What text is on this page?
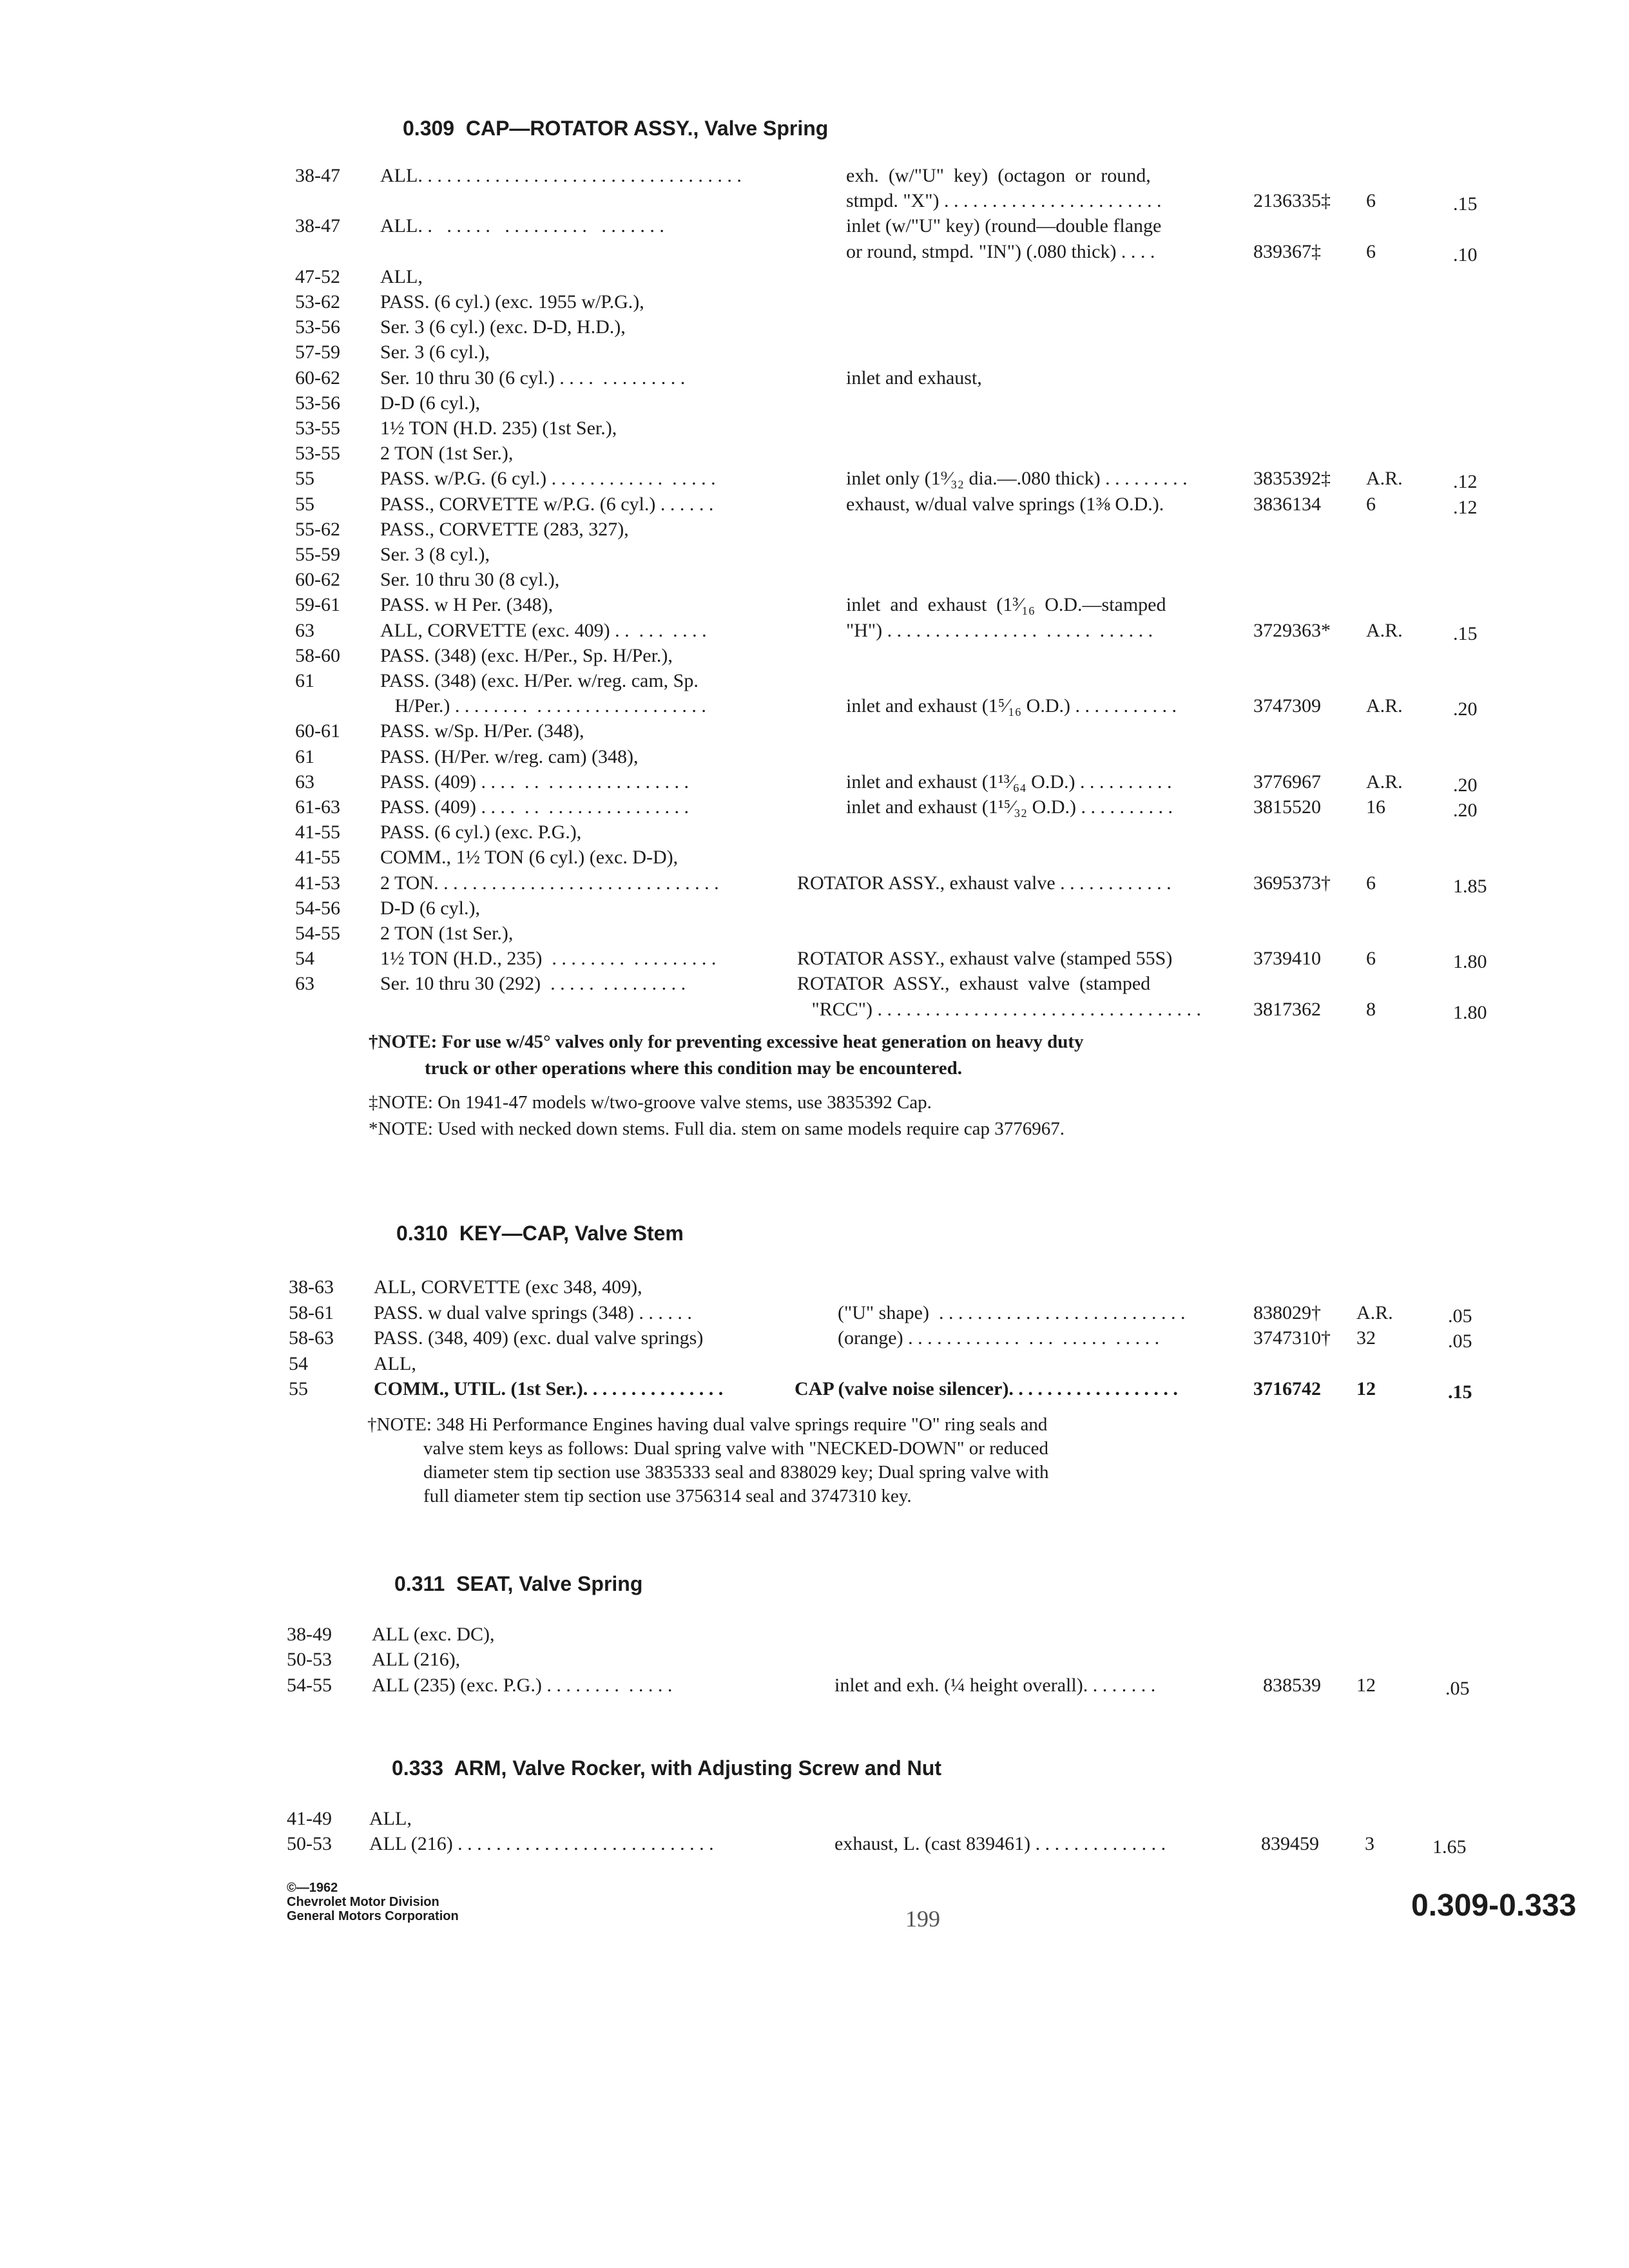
0.309  CAP—ROTATOR ASSY., Valve Spring
38-47 ALL. . . . . . . . . . . . . . . . . . . . . . . . . . . . . . . . . .	exh.  (w/"U"  key)  (octagon  or  round,
stmpd. "X") . . . . . . . . . . . . . . . . . . . . . . .	2136335‡ 6	.15
38-47 ALL. .   . . . . .   . . . . . . . . .   . . . . . . .	inlet (w/"U" key) (round—double flange
or round, stmpd. "IN") (.080 thick) . . . .	839367‡ 6	.10
47-52 ALL,
53-62 PASS. (6 cyl.) (exc. 1955 w/P.G.),
53-56 Ser. 3 (6 cyl.) (exc. D-D, H.D.),
57-59 Ser. 3 (6 cyl.),
60-62 Ser. 10 thru 30 (6 cyl.) . . . .  . . . . . . . . .	inlet and exhaust,
53-56 D-D (6 cyl.),
53-55 1½ TON (H.D. 235) (1st Ser.),
53-55 2 TON (1st Ser.),
55	PASS. w/P.G. (6 cyl.) . . . . . . . . . . . .  . . . . .	inlet only (1⁹⁄₃₂ dia.—.080 thick) . . . . . . . . .	3835392‡ A.R.	.12
55	PASS., CORVETTE w/P.G. (6 cyl.) . . . . . .	exhaust, w/dual valve springs (1⅜ O.D.).	3836134 6	.12
55-62 PASS., CORVETTE (283, 327),
55-59 Ser. 3 (8 cyl.),
60-62 Ser. 10 thru 30 (8 cyl.),
59-61 PASS. w H Per. (348),	inlet  and  exhaust  (1³⁄₁₆  O.D.—stamped
63	ALL, CORVETTE (exc. 409) . .  . . .  . . . .	"H") . . . . . . . . . . . . . . . .  . . . . .  . . . . . .	3729363* A.R.	.15
58-60 PASS. (348) (exc. H/Per., Sp. H/Per.),
61	PASS. (348) (exc. H/Per. w/reg. cam, Sp.
H/Per.) . . . . . . . .  . . . . . . . . . . . . . . . . . .	inlet and exhaust (1⁵⁄₁₆ O.D.) . . . . . . . . . . .	3747309 A.R.	.20
60-61 PASS. w/Sp. H/Per. (348),
61	PASS. (H/Per. w/reg. cam) (348),
63	PASS. (409) . . . .  . .  . . . . . . . . . . . . . . .	inlet and exhaust (1¹³⁄₆₄ O.D.) . . . . . . . . . .	3776967 A.R.	.20
61-63 PASS. (409) . . . .  . .  . . . . . . . . . . . . . . .	inlet and exhaust (1¹⁵⁄₃₂ O.D.) . . . . . . . . . .	3815520 16	.20
41-55 PASS. (6 cyl.) (exc. P.G.),
41-55 COMM., 1½ TON (6 cyl.) (exc. D-D),
41-53 2 TON. . . . . . . . . . . . . . . . . . . . . . . . . . . . . .	ROTATOR ASSY., exhaust valve . . . . . . . . . . . .	3695373† 6	1.85
54-56 D-D (6 cyl.),
54-55 2 TON (1st Ser.),
54	1½ TON (H.D., 235)  . . . . . . . .  . . . . . . . . .	ROTATOR ASSY., exhaust valve (stamped 55S)	3739410 6	1.80
63	Ser. 10 thru 30 (292)  . . . . .  . . . . . . . . .	ROTATOR  ASSY.,  exhaust  valve  (stamped
"RCC") . . . . . . . . . . . . . . . . . . . . . . . . . . . . . . . . . .	3817362 8	1.80
†NOTE: For use w/45° valves only for preventing excessive heat generation on heavy duty
truck or other operations where this condition may be encountered.
‡NOTE: On 1941-47 models w/two-groove valve stems, use 3835392 Cap.
*NOTE: Used with necked down stems. Full dia. stem on same models require cap 3776967.
0.310  KEY—CAP, Valve Stem
38-63 ALL, CORVETTE (exc 348, 409),
58-61 PASS. w dual valve springs (348) . . . . . .	("U" shape)  . . . . . . . . . . . . . . . . . . . . . . . . . .	838029† A.R.	.05
58-63 PASS. (348, 409) (exc. dual valve springs)	(orange) . . . . . . . . . . . .  . . .  . . . . .  . . . . .	3747310† 32	.05
54	ALL,
55	COMM., UTIL. (1st Ser.). . . . . . . . . . . . . . .	CAP (valve noise silencer). . . . . . . . . . . . . . . . . .	3716742 12	.15
†NOTE: 348 Hi Performance Engines having dual valve springs require "O" ring seals and
valve stem keys as follows: Dual spring valve with "NECKED-DOWN" or reduced
diameter stem tip section use 3835333 seal and 838029 key; Dual spring valve with
full diameter stem tip section use 3756314 seal and 3747310 key.
0.311  SEAT, Valve Spring
38-49 ALL (exc. DC),
50-53 ALL (216),
54-55 ALL (235) (exc. P.G.) . . . . . . . .  . . . . .	inlet and exh. (¼ height overall). . . . . . . .	838539 12	.05
0.333  ARM, Valve Rocker, with Adjusting Screw and Nut
41-49 ALL,
50-53 ALL (216) . . . . . . . . . . . . . . . . . . . . . . . . . . .	exhaust, L. (cast 839461) . . . . . . . . . . . . . .	839459 3	1.65
©—1962
Chevrolet Motor Division
General Motors Corporation	199	0.309-0.333
